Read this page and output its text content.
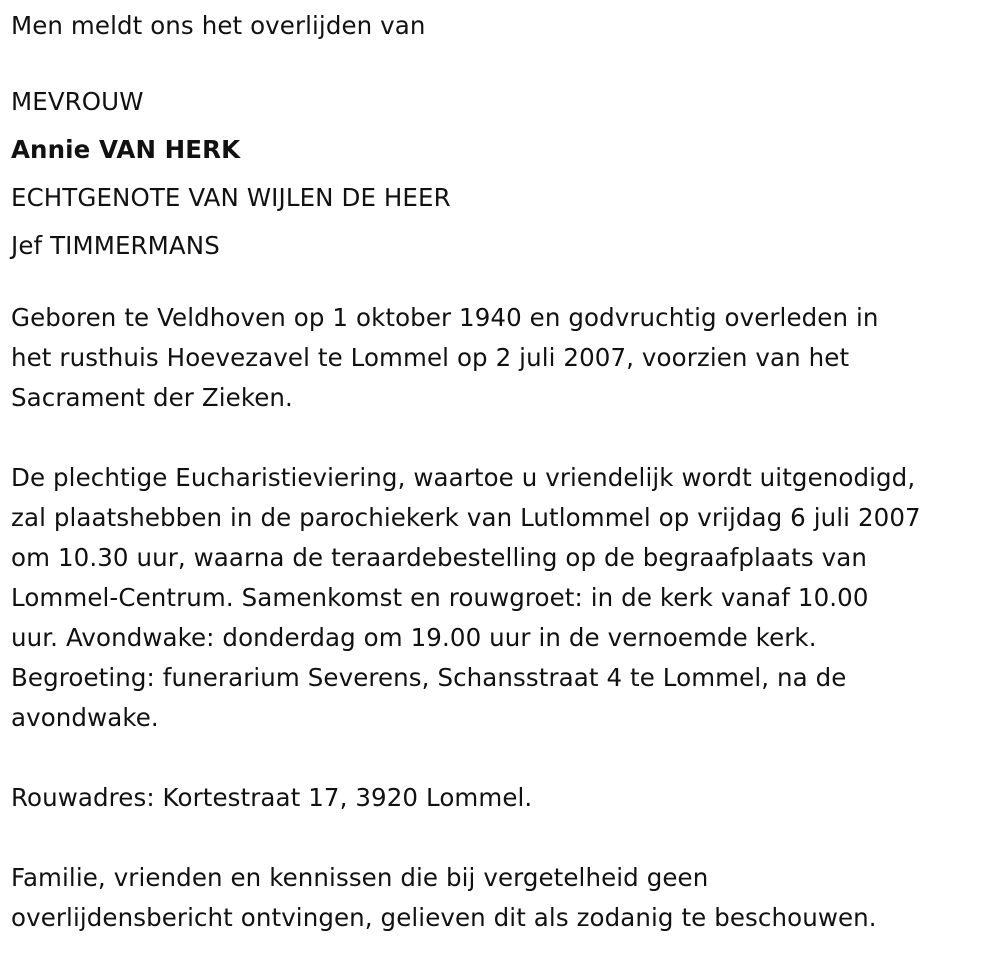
Men meldt ons het overlijden van
MEVROUW
Annie VAN HERK
ECHTGENOTE VAN WIJLEN DE HEER
Jef TIMMERMANS

Geboren te Veldhoven op 1 oktober 1940 en godvruchtig overleden in
het rusthuis Hoevezavel te Lommel op 2 juli 2007, voorzien van het
Sacrament der Zieken.

De plechtige Eucharistieviering, waartoe u vriendelijk wordt uitgenodigd,
zal plaatshebben in de parochiekerk van Lutlommel op vrijdag 6 juli 2007
om 10.30 uur, waarna de teraardebestelling op de begraafplaats van
Lommel-Centrum. Samenkomst en rouwgroet: in de kerk vanaf 10.00
uur. Avondwake: donderdag om 19.00 uur in de vernoemde kerk.
Begroeting: funerarium Severens, Schansstraat 4 te Lommel, na de
avondwake.

Rouwadres: Kortestraat 17, 3920 Lommel.

Familie, vrienden en kennissen die bij vergetelheid geen
overlijdensbericht ontvingen, gelieven dit als zodanig te beschouwen.
